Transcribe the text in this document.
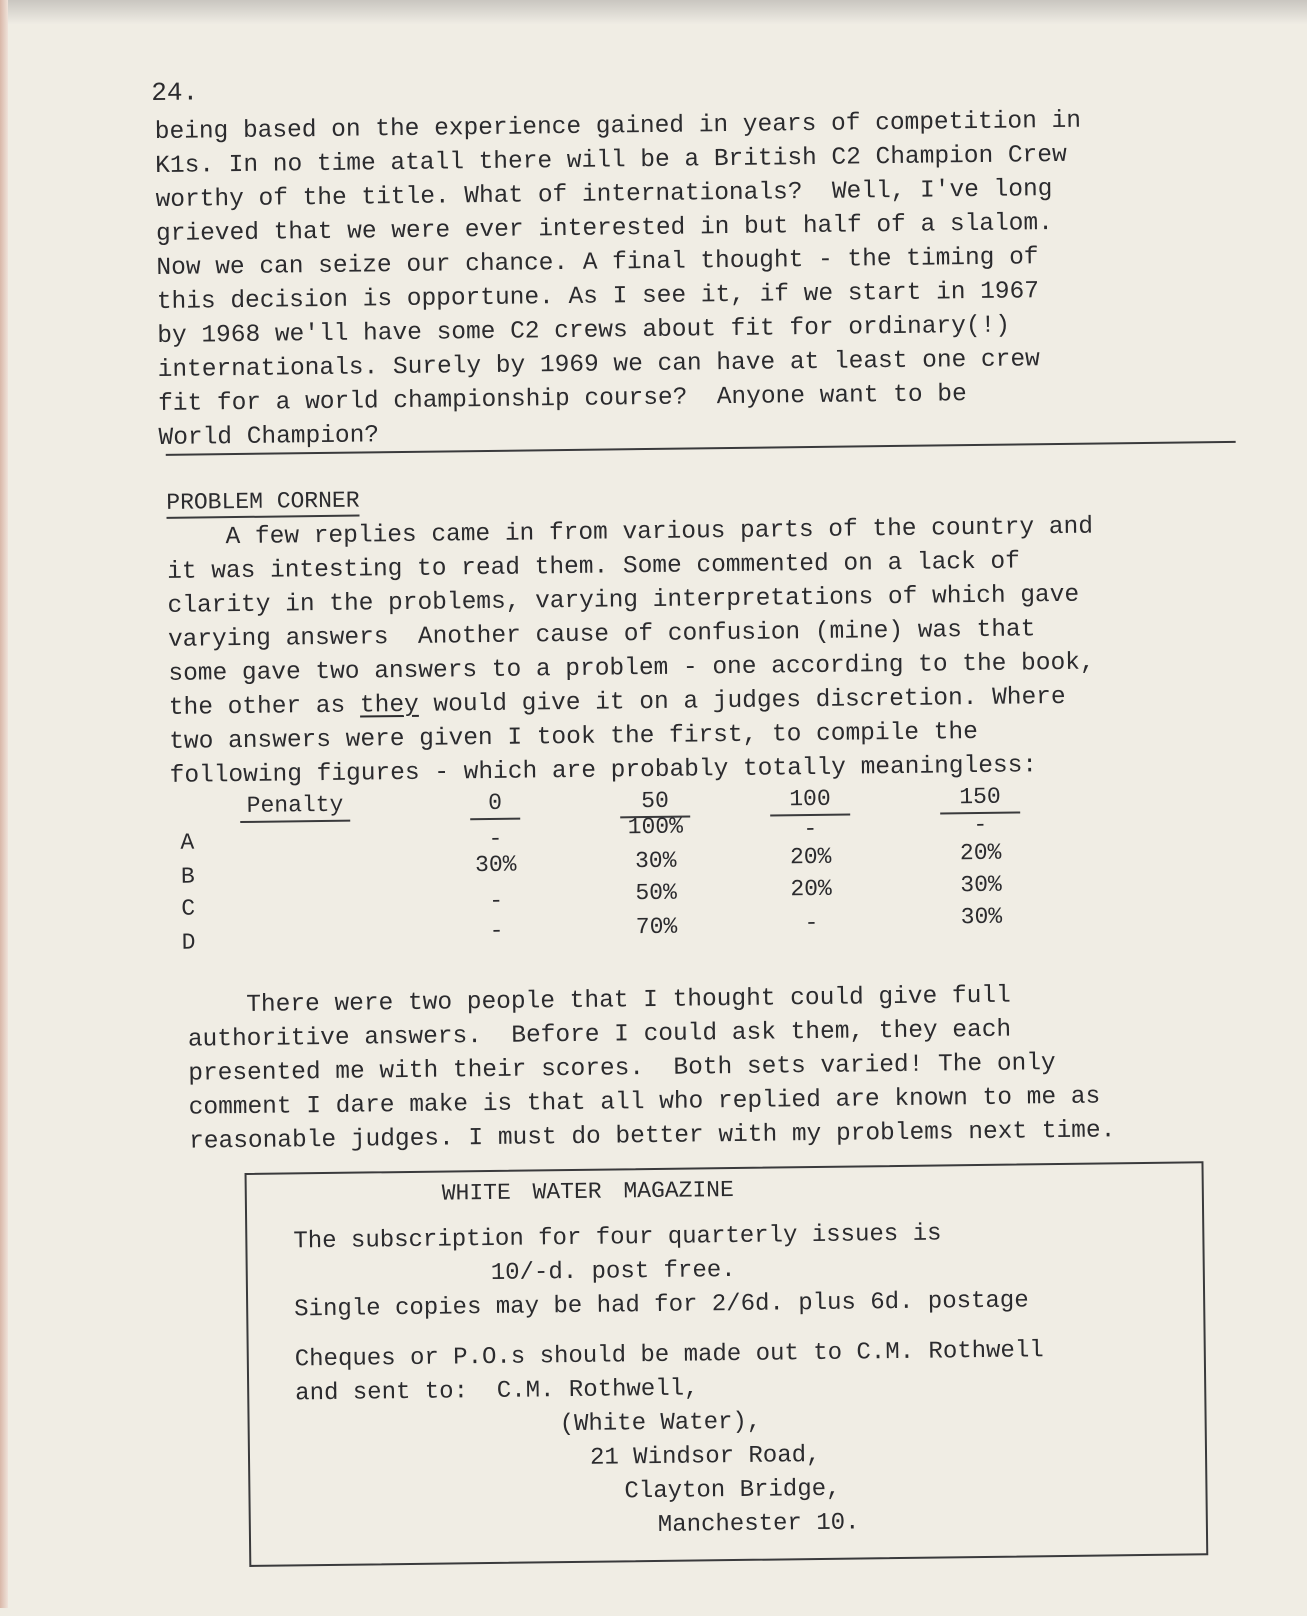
24.
being based on the experience gained in years of competition in
K1s. In no time atall there will be a British C2 Champion Crew
worthy of the title. What of internationals?  Well, I've long
grieved that we were ever interested in but half of a slalom.
Now we can seize our chance. A final thought - the timing of
this decision is opportune. As I see it, if we start in 1967
by 1968 we'll have some C2 crews about fit for ordinary(!)
internationals. Surely by 1969 we can have at least one crew
fit for a world championship course?  Anyone want to be
World Champion?
PROBLEM CORNER
A few replies came in from various parts of the country and
it was intesting to read them. Some commented on a lack of
clarity in the problems, varying interpretations of which gave
varying answers  Another cause of confusion (mine) was that
some gave two answers to a problem - one according to the book,
the other as they would give it on a judges discretion. Where
two answers were given I took the first, to compile the
following figures - which are probably totally meaningless:
Penalty	0	50	100	150
A	-	100%	-	-
B	30%	30%	20%	20%
C	-	50%	20%	30%
D	-	70%	-	30%
There were two people that I thought could give full
authoritive answers.  Before I could ask them, they each
presented me with their scores.  Both sets varied! The only
comment I dare make is that all who replied are known to me as
reasonable judges. I must do better with my problems next time.
WHITE WATER MAGAZINE
The subscription for four quarterly issues is
10/-d. post free.
Single copies may be had for 2/6d. plus 6d. postage
Cheques or P.O.s should be made out to C.M. Rothwell
and sent to:  C.M. Rothwell,
(White Water),
21 Windsor Road,
Clayton Bridge,
Manchester 10.
